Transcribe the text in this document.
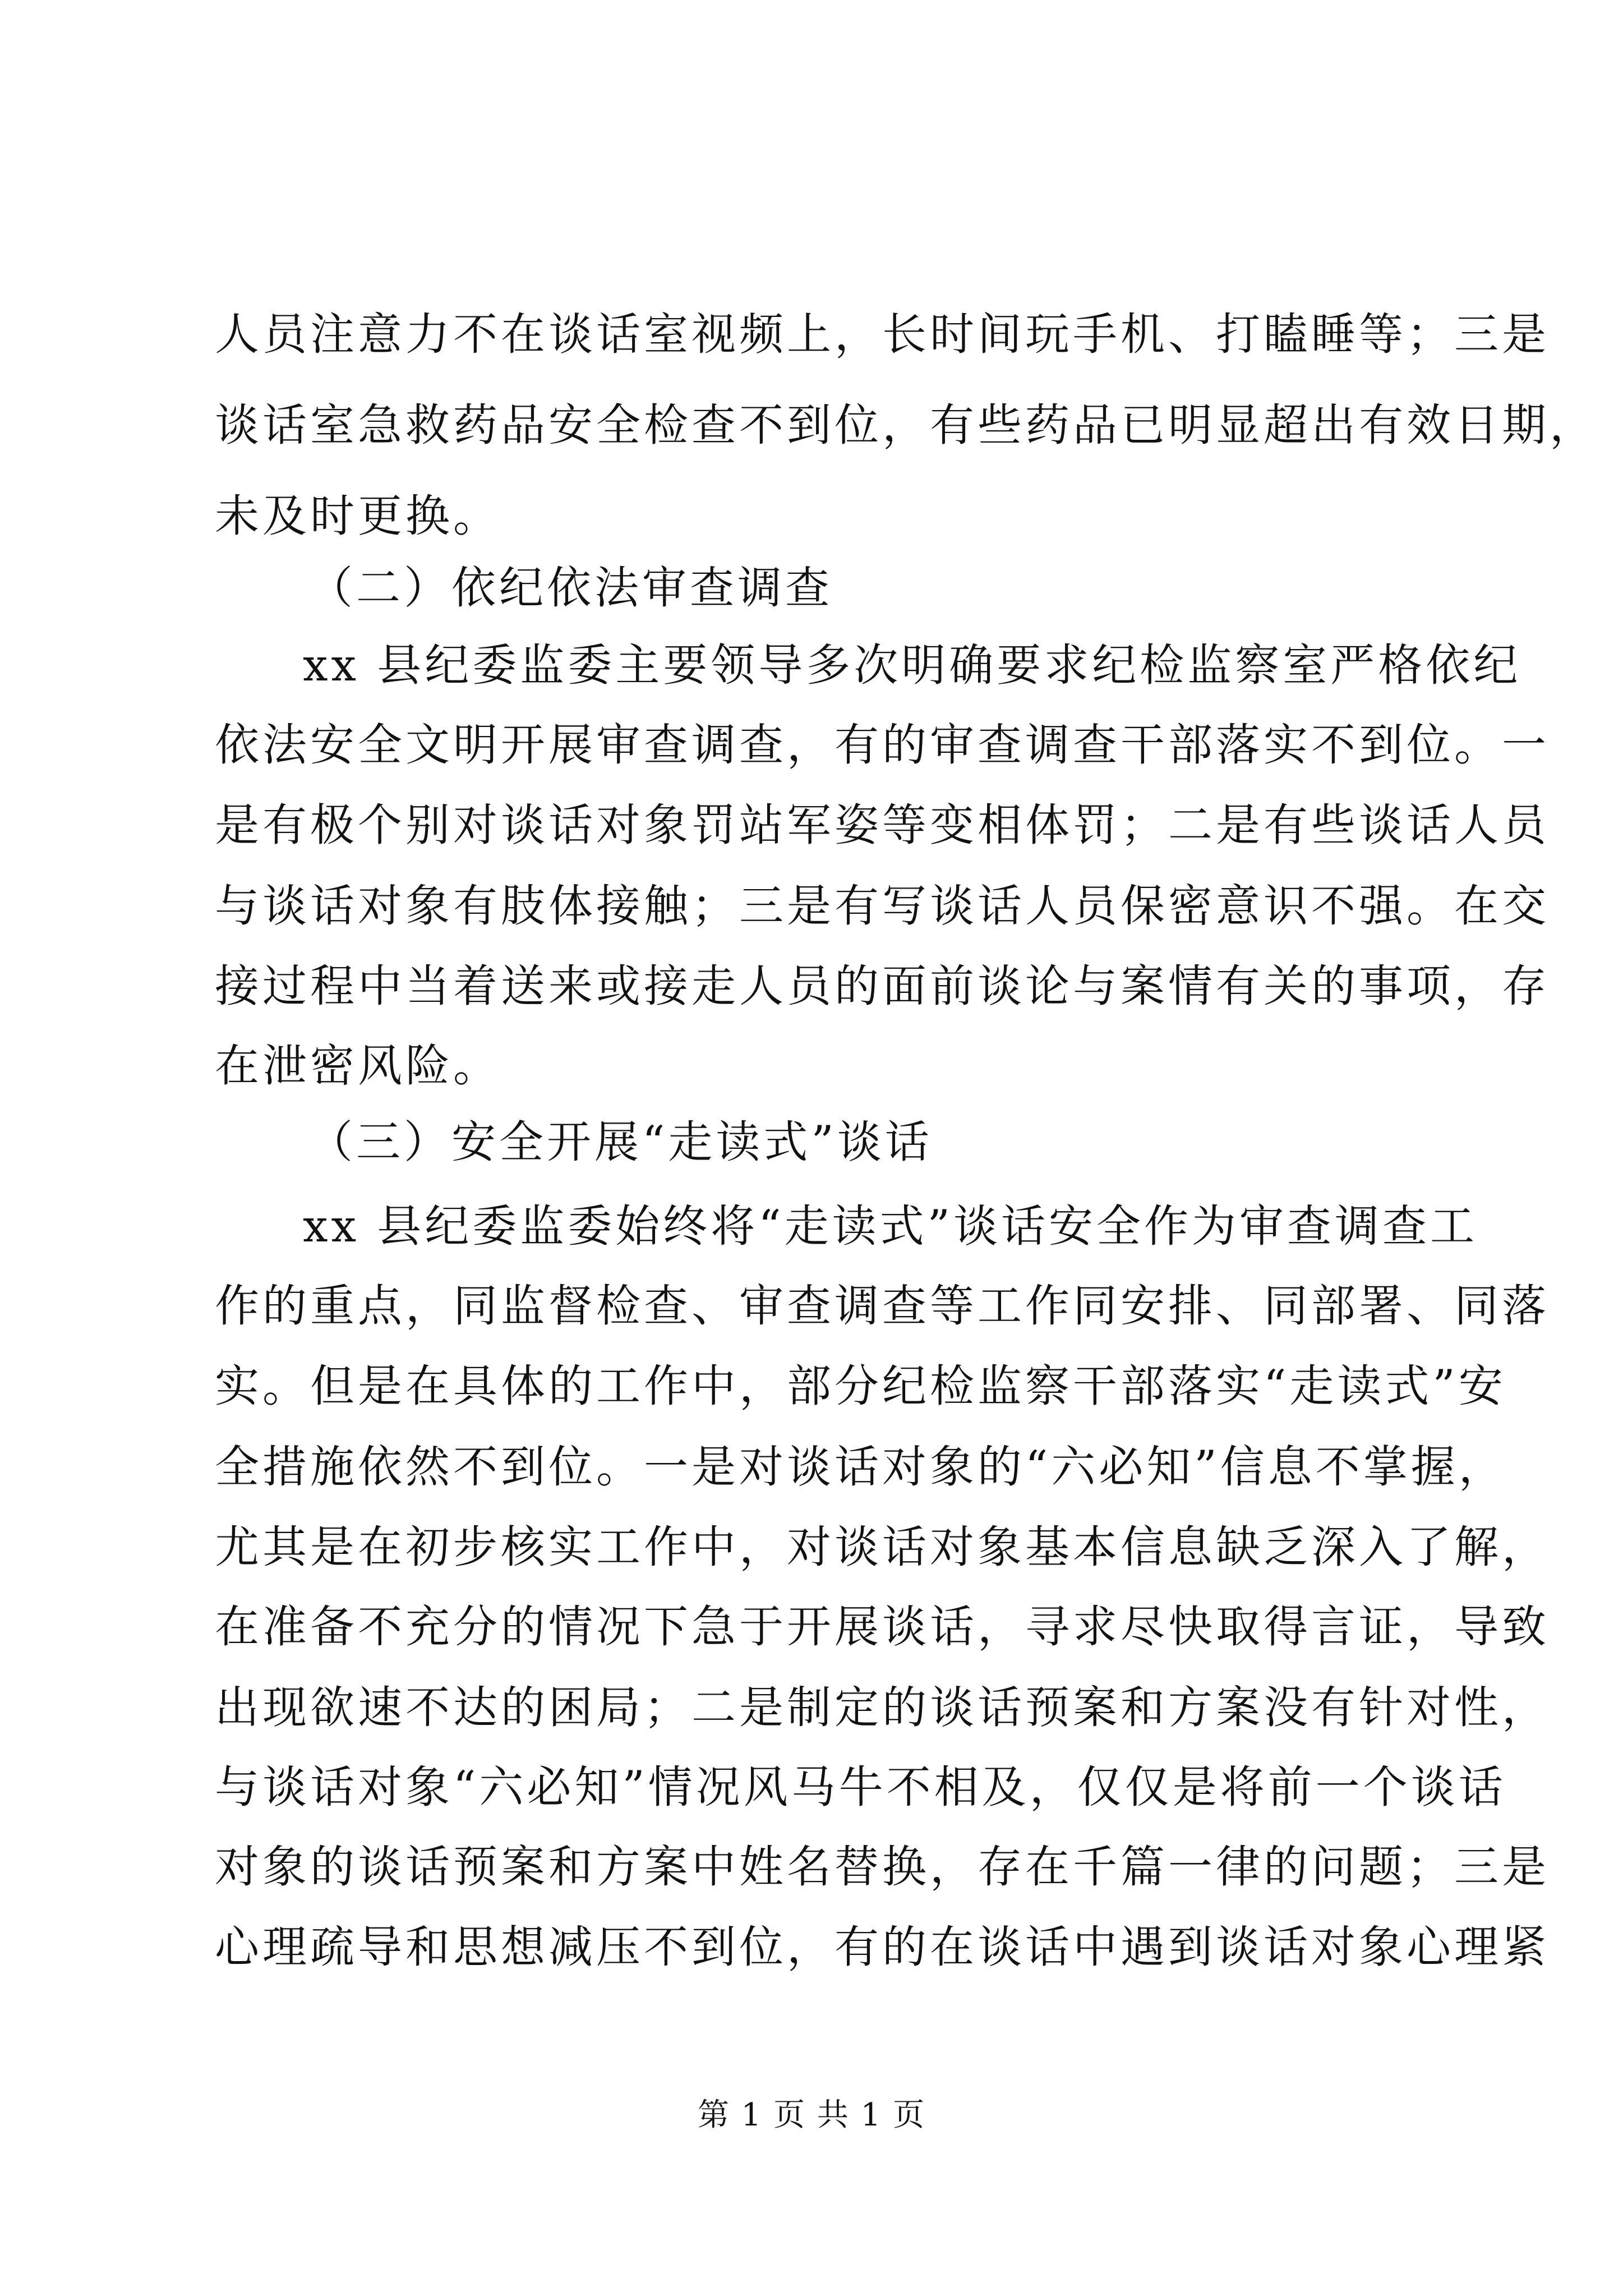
人员注意力不在谈话室视频上，长时间玩手机、打瞌睡等；三是
谈话室急救药品安全检查不到位，有些药品已明显超出有效日期，
未及时更换。
（二）依纪依法审查调查
xx 县纪委监委主要领导多次明确要求纪检监察室严格依纪
依法安全文明开展审查调查，有的审查调查干部落实不到位。一
是有极个别对谈话对象罚站军姿等变相体罚；二是有些谈话人员
与谈话对象有肢体接触；三是有写谈话人员保密意识不强。在交
接过程中当着送来或接走人员的面前谈论与案情有关的事项，存
在泄密风险。
（三）安全开展“走读式”谈话
xx 县纪委监委始终将“走读式”谈话安全作为审查调查工
作的重点，同监督检查、审查调查等工作同安排、同部署、同落
实。但是在具体的工作中，部分纪检监察干部落实“走读式”安
全措施依然不到位。一是对谈话对象的“六必知”信息不掌握，
尤其是在初步核实工作中，对谈话对象基本信息缺乏深入了解，
在准备不充分的情况下急于开展谈话，寻求尽快取得言证，导致
出现欲速不达的困局；二是制定的谈话预案和方案没有针对性，
与谈话对象“六必知”情况风马牛不相及，仅仅是将前一个谈话
对象的谈话预案和方案中姓名替换，存在千篇一律的问题；三是
心理疏导和思想减压不到位，有的在谈话中遇到谈话对象心理紧
第 1 页 共 1 页
